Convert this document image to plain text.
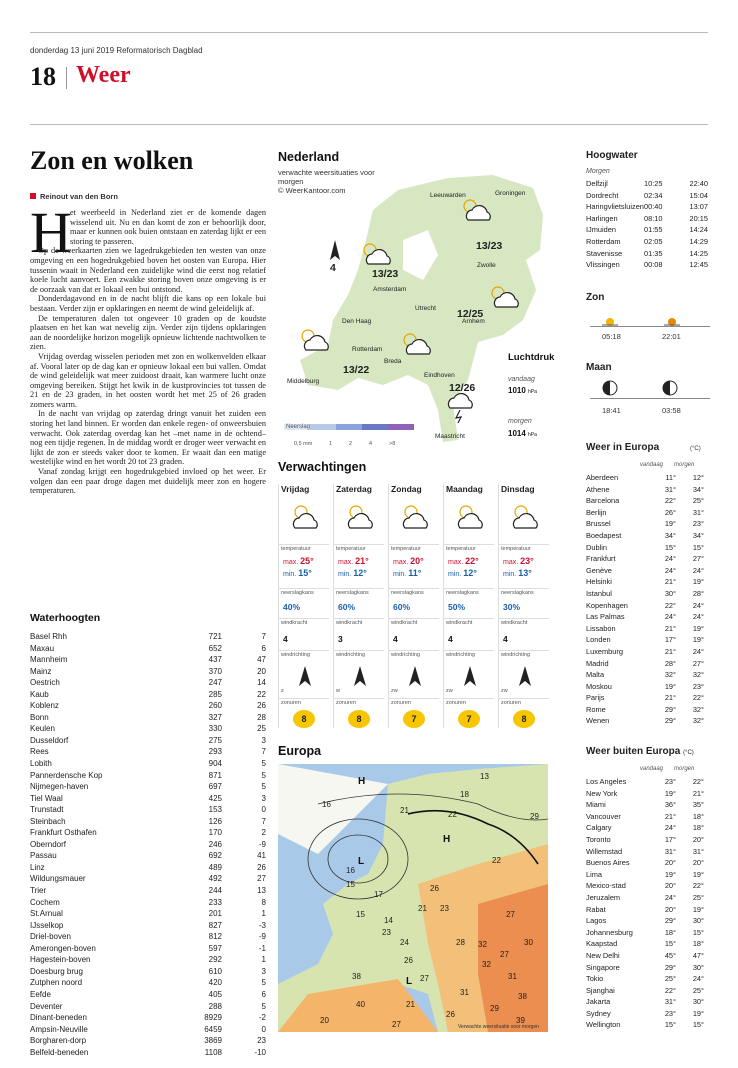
donderdag 13 juni 2019 Reformatorisch Dagblad
18 Weer
Zon en wolken
Reinout van den Born
H

et weerbeeld in Nederland ziet er de komende dagen wisselend uit. Nu en dan komt de zon er behoorlijk door, maar er kunnen ook buien ontstaan en zaterdag lijkt er een storing te passeren.

Op de weerkaarten zien we lagedrukgebieden ten westen van onze omgeving en een hogedrukgebied boven het oosten van Europa. Hier tussenin waait in Nederland een zuidelijke wind die eerst nog relatief koele lucht aanvoert. Een zwakke storing boven onze omgeving is er de oorzaak van dat er lokaal een bui ontstond.

Donderdagavond en in de nacht blijft die kans op een lokale bui bestaan. Verder zijn er opklaringen en neemt de wind geleidelijk af.

De temperaturen dalen tot ongeveer 10 graden op de koudste plaatsen en het kan wat nevelig zijn. Verder zijn tijdens opklaringen aan de noordelijke horizon mogelijk opnieuw lichtende nachtwolken te zien.

Vrijdag overdag wisselen perioden met zon en wolkenvelden elkaar af. Vooral later op de dag kan er opnieuw lokaal een bui vallen. Omdat de wind geleidelijk wat meer zuidoost draait, kan warmere lucht onze omgeving bereiken. Stijgt het kwik in de kustprovincies tot tussen de 21 en de 23 graden, in het oosten wordt het met 25 of 26 graden zomers warm.

In de nacht van vrijdag op zaterdag dringt vanuit het zuiden een storing het land binnen. Er worden dan enkele regen- of onweersbuien verwacht. Ook zaterdag overdag kan het –met name in de ochtend– nog een tijdje regenen. In de middag wordt er droger weer verwacht en lijkt de zon er steeds vaker door te komen. Er waait dan een matige westelijke wind en het wordt 20 tot 23 graden.

Vanaf zondag krijgt een hogedrukgebied invloed op het weer. Er volgen dan een paar droge dagen met duidelijk meer zon en hogere temperaturen.

Waterhoogten
Basel Rhh	721	7
Maxau	652	6
Mannheim	437	47
Mainz	370	20
Oestrich	247	14
Kaub	285	22
Koblenz	260	26
Bonn	327	28
Keulen	330	25
Dusseldorf	275	3
Rees	293	7
Lobith	904	5
Pannerdensche Kop	871	5
Nijmegen-haven	697	5
Tiel Waal	425	3
Trunstadt	153	0
Steinbach	126	7
Frankfurt Osthafen	170	2
Oberndorf	246	-9
Passau	692	41
Linz	489	26
Wildungsmauer	492	27
Trier	244	13
Cochem	233	8
St.Arnual	201	1
IJsselkop	827	-3
Driel-boven	812	-9
Amerongen-boven	597	-1
Hagestein-boven	292	1
Doesburg brug	610	3
Zutphen noord	420	5
Eefde	405	6
Deventer	288	5
Dinant-beneden	8929	-2
Ampsin-Neuville	6459	0
Borgharen-dorp	3869	23
Belfeld-beneden	1108	-10
Nederland
verwachte weersituaties voor morgen
© WeerKantoor.com
4
Leeuwarden	Groningen
Zwolle
Amsterdam
Utrecht
Arnhem
Den Haag
Rotterdam
Breda
Middelburg
Eindhoven
Maastricht
13/23
13/23
12/25
13/22
12/26
Neerslag
0,5 mm	1	2	4	>8
Luchtdruk
vandaag
1010 hPa
morgen
1014 hPa
Verwachtingen
Vrijdag
temperatuur
max. 25°
min. 15°
neerslagkans
40%
windkracht
4
windrichting
z
zonuren
8
Zaterdag
temperatuur
max. 21°
min. 12°
neerslagkans
60%
windkracht
3
windrichting
w
zonuren
8
Zondag
temperatuur
max. 20°
min. 11°
neerslagkans
60%
windkracht
4
windrichting
zw
zonuren
7
Maandag
temperatuur
max. 22°
min. 12°
neerslagkans
50%
windkracht
4
windrichting
zw
zonuren
7
Dinsdag
temperatuur
max. 23°
min. 13°
neerslagkans
30%
windkracht
4
windrichting
zw
zonuren
8
Europa
H
L
H
L
Verwachte weersituatie voor morgen
13
16
18
22
21
29
16
15
17
15
14
26
22
21 23
23
24
27
28
26
32
27
30
31
32
31
29
38
39
40
27
20
27
38
21
26
Hoogwater
Morgen
Delfzijl	10:25	22:40
Dordrecht	02:34	15:04
Haringvlietsluizen	00:40	13:07
Harlingen	08:10	20:15
IJmuiden	01:55	14:24
Rotterdam	02:05	14:29
Stavenisse	01:35	14:25
Vlissingen	00:08	12:45
Zon
05:18	22:01
Maan
18:41	03:58
Weer in Europa	(°C)
vandaag morgen
Aberdeen	11°	12°
Athene	31°	34°
Barcelona	22°	25°
Berlijn	26°	31°
Brussel	19°	23°
Boedapest	34°	34°
Dublin	15°	15°
Frankfurt	24°	27°
Genève	24°	24°
Helsinki	21°	19°
Istanbul	30°	28°
Kopenhagen	22°	24°
Las Palmas	24°	24°
Lissabon	21°	19°
Londen	17°	19°
Luxemburg	21°	24°
Madrid	28°	27°
Malta	32°	32°
Moskou	19°	23°
Parijs	21°	22°
Rome	29°	32°
Wenen	29°	32°
Weer buiten Europa (°C)
vandaag morgen
Los Angeles	23°	22°
New York	19°	21°
Miami	36°	35°
Vancouver	21°	18°
Calgary	24°	18°
Toronto	17°	20°
Willemstad	31°	31°
Buenos Aires	20°	20°
Lima	19°	19°
Mexico-stad	20°	22°
Jeruzalem	24°	25°
Rabat	20°	19°
Lagos	29°	30°
Johannesburg	18°	15°
Kaapstad	15°	18°
New Delhi	45°	47°
Singapore	29°	30°
Tokio	25°	24°
Sjanghai	22°	25°
Jakarta	31°	30°
Sydney	23°	19°
Wellington	15°	15°
